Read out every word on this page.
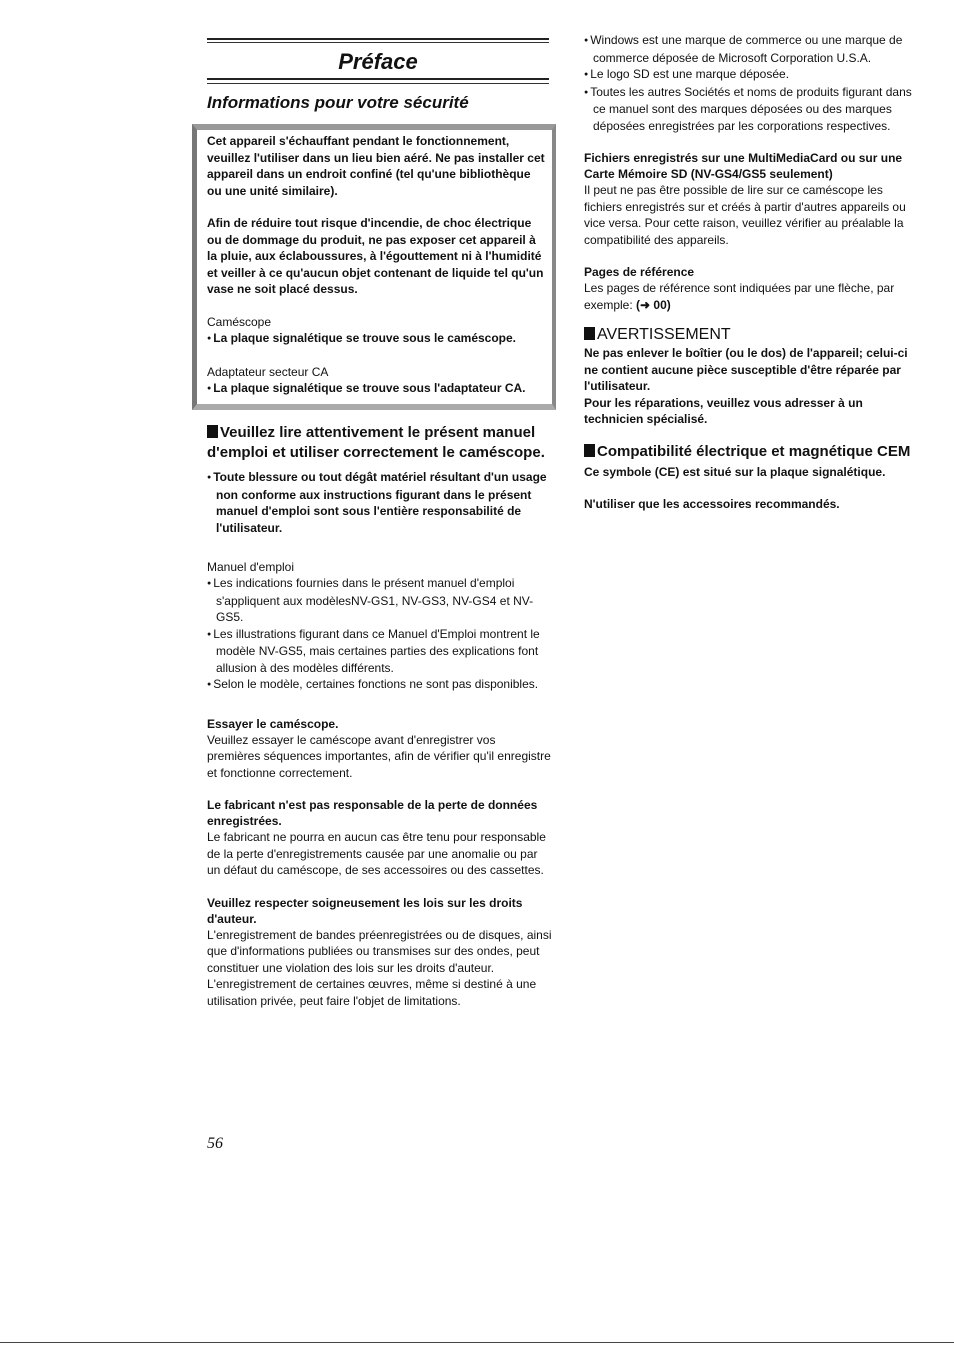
Préface
Informations pour votre sécurité

Cet appareil s'échauffant pendant le fonctionnement, veuillez l'utiliser dans un lieu bien aéré. Ne pas installer cet appareil dans un endroit confiné (tel qu'une bibliothèque ou une unité similaire).

Afin de réduire tout risque d'incendie, de choc électrique ou de dommage du produit, ne pas exposer cet appareil à la pluie, aux éclaboussures, à l'égouttement ni à l'humidité et veiller à ce qu'aucun objet contenant de liquide tel qu'un vase ne soit placé dessus.

Caméscope

● La plaque signalétique se trouve sous le caméscope.

Adaptateur secteur CA

● La plaque signalétique se trouve sous l'adaptateur CA.

Veuillez lire attentivement le présent manuel d'emploi et utiliser correctement le caméscope.

● Toute blessure ou tout dégât matériel résultant d'un usage non conforme aux instructions figurant dans le présent manuel d'emploi sont sous l'entière responsabilité de l'utilisateur.

Manuel d'emploi

● Les indications fournies dans le présent manuel d'emploi s'appliquent aux modèlesNV-GS1, NV-GS3, NV-GS4 et NV-GS5.

● Les illustrations figurant dans ce Manuel d'Emploi montrent le modèle NV-GS5, mais certaines parties des explications font allusion à des modèles différents.

● Selon le modèle, certaines fonctions ne sont pas disponibles.

Essayer le caméscope.

Veuillez essayer le caméscope avant d'enregistrer vos premières séquences importantes, afin de vérifier qu'il enregistre et fonctionne correctement.

Le fabricant n'est pas responsable de la perte de données enregistrées.

Le fabricant ne pourra en aucun cas être tenu pour responsable de la perte d'enregistrements causée par une anomalie ou par un défaut du caméscope, de ses accessoires ou des cassettes.

Veuillez respecter soigneusement les lois sur les droits d'auteur.

L'enregistrement de bandes préenregistrées ou de disques, ainsi que d'informations publiées ou transmises sur des ondes, peut constituer une violation des lois sur les droits d'auteur. L'enregistrement de certaines œuvres, même si destiné à une utilisation privée, peut faire l'objet de limitations.

● Windows est une marque de commerce ou une marque de commerce déposée de Microsoft Corporation U.S.A.

● Le logo SD est une marque déposée.

● Toutes les autres Sociétés et noms de produits figurant dans ce manuel sont des marques déposées ou des marques déposées enregistrées par les corporations respectives.

Fichiers enregistrés sur une MultiMediaCard ou sur une Carte Mémoire SD (NV-GS4/GS5 seulement)

Il peut ne pas être possible de lire sur ce caméscope les fichiers enregistrés sur et créés à partir d'autres appareils ou vice versa. Pour cette raison, veuillez vérifier au préalable la compatibilité des appareils.

Pages de référence

Les pages de référence sont indiquées par une flèche, par exemple: (➜ 00)

AVERTISSEMENT

Ne pas enlever le boîtier (ou le dos) de l'appareil; celui-ci ne contient aucune pièce susceptible d'être réparée par l'utilisateur.

Pour les réparations, veuillez vous adresser à un technicien spécialisé.

Compatibilité électrique et magnétique CEM

Ce symbole (CE) est situé sur la plaque signalétique.

N'utiliser que les accessoires recommandés.

56
